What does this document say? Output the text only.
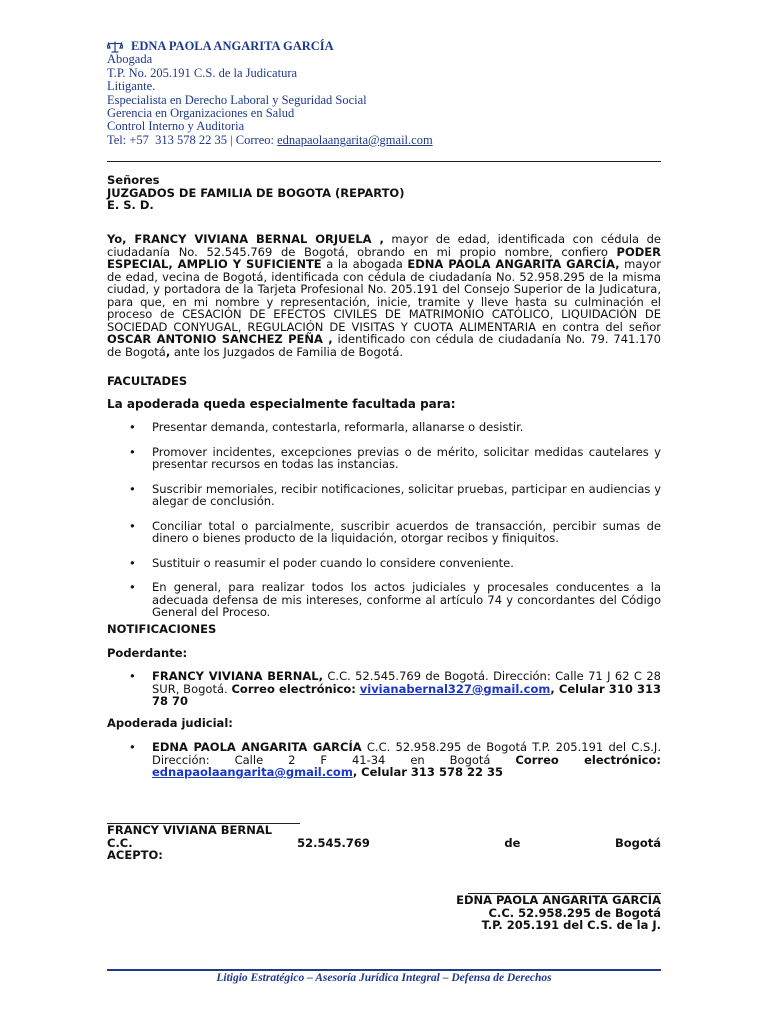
EDNA PAOLA ANGARITA GARCÍA
Abogada
T.P. No. 205.191 C.S. de la Judicatura
Litigante.
Especialista en Derecho Laboral y Seguridad Social
Gerencia en Organizaciones en Salud
Control Interno y Auditoria
Tel: +57  313 578 22 35 | Correo: ednapaolaangarita@gmail.com
Señores
JUZGADOS DE FAMILIA DE BOGOTA (REPARTO)
E. S. D.
Yo, FRANCY VIVIANA BERNAL ORJUELA , mayor de edad, identificada con cédula de ciudadanía No. 52.545.769 de Bogotá, obrando en mi propio nombre, confiero PODER ESPECIAL, AMPLIO Y SUFICIENTE a la abogada EDNA PAOLA ANGARITA GARCÍA, mayor de edad, vecina de Bogotá, identificada con cédula de ciudadanía No. 52.958.295 de la misma ciudad, y portadora de la Tarjeta Profesional No. 205.191 del Consejo Superior de la Judicatura, para que, en mi nombre y representación, inicie, tramite y lleve hasta su culminación el proceso de CESACIÓN DE EFECTOS CIVILES DE MATRIMONIO CATÓLICO, LIQUIDACIÓN DE SOCIEDAD CONYUGAL, REGULACIÓN DE VISITAS Y CUOTA ALIMENTARIA en contra del señor OSCAR ANTONIO SANCHEZ PEÑA , identificado con cédula de ciudadanía No. 79. 741.170 de Bogotá, ante los Juzgados de Familia de Bogotá.
FACULTADES
La apoderada queda especialmente facultada para:
• Presentar demanda, contestarla, reformarla, allanarse o desistir.
• Promover incidentes, excepciones previas o de mérito, solicitar medidas cautelares y presentar recursos en todas las instancias.
• Suscribir memoriales, recibir notificaciones, solicitar pruebas, participar en audiencias y alegar de conclusión.
• Conciliar total o parcialmente, suscribir acuerdos de transacción, percibir sumas de dinero o bienes producto de la liquidación, otorgar recibos y finiquitos.
• Sustituir o reasumir el poder cuando lo considere conveniente.
• En general, para realizar todos los actos judiciales y procesales conducentes a la adecuada defensa de mis intereses, conforme al artículo 74 y concordantes del Código General del Proceso.
NOTIFICACIONES
Poderdante:
• FRANCY VIVIANA BERNAL, C.C. 52.545.769 de Bogotá. Dirección: Calle 71 J 62 C 28 SUR, Bogotá. Correo electrónico: vivianabernal327@gmail.com, Celular 310 313 78 70
Apoderada judicial:
• EDNA PAOLA ANGARITA GARCÍA C.C. 52.958.295 de Bogotá T.P. 205.191 del C.S.J. Dirección: Calle 2 F 41-34 en Bogotá Correo electrónico: ednapaolaangarita@gmail.com, Celular 313 578 22 35
FRANCY VIVIANA BERNAL
C.C.	52.545.769	de	Bogotá
ACEPTO:
EDNA PAOLA ANGARITA GARCÍA
C.C. 52.958.295 de Bogotá
T.P. 205.191 del C.S. de la J.
Litigio Estratégico – Asesoría Jurídica Integral – Defensa de Derechos
